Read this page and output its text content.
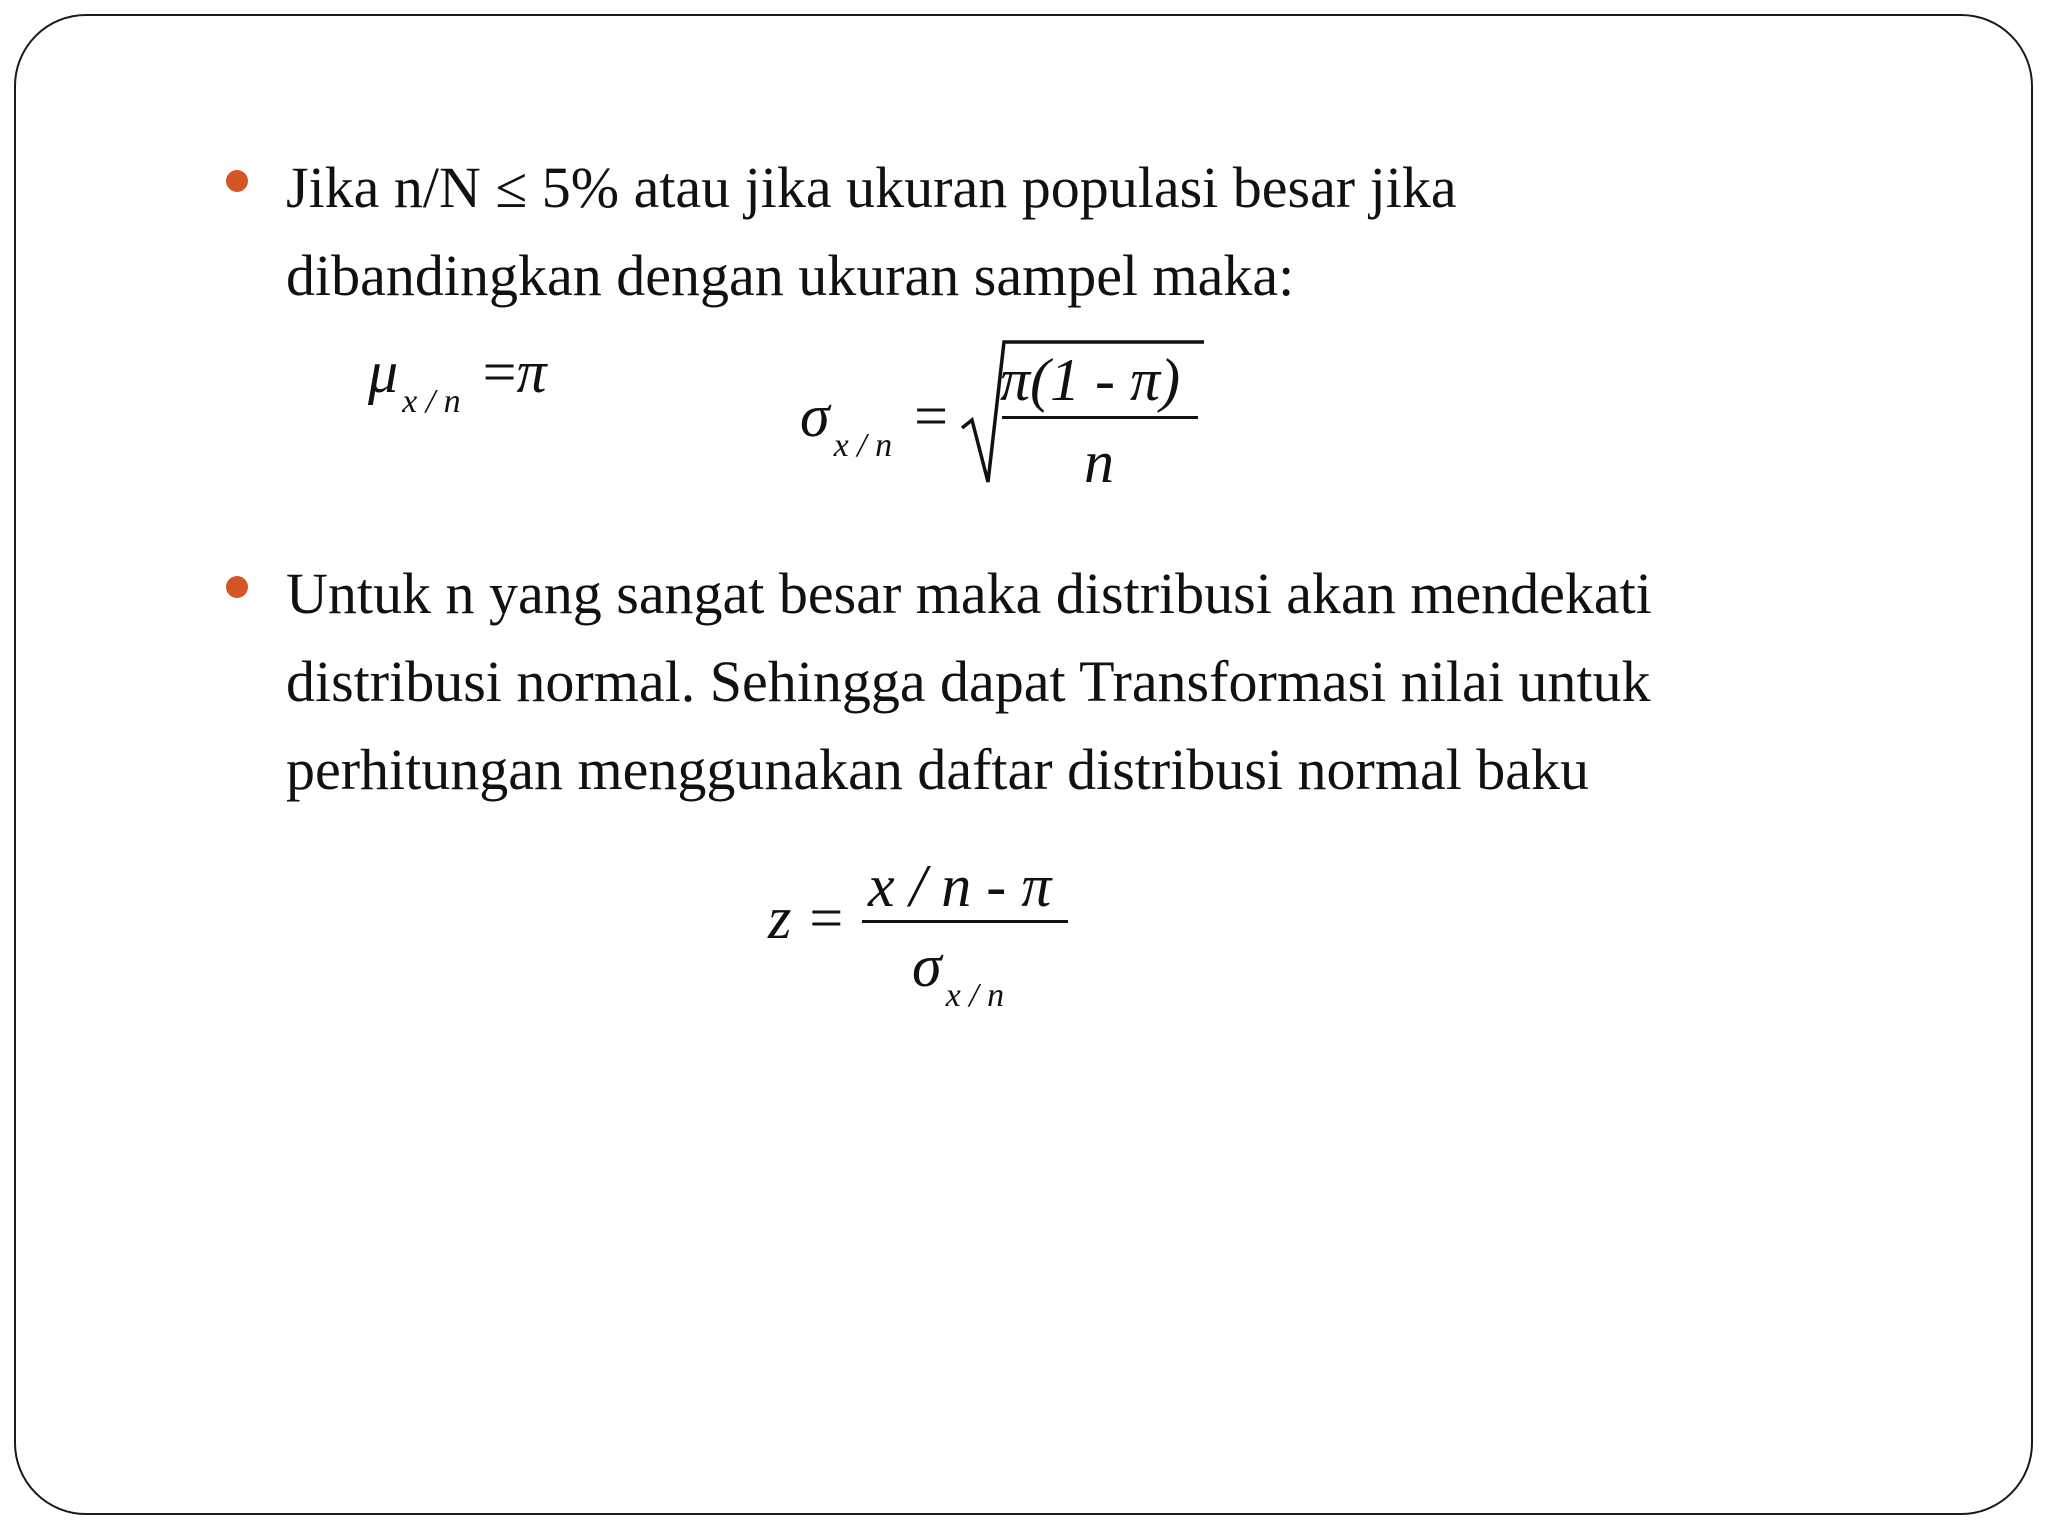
Jika n/N ≤ 5% atau jika ukuran populasi besar jika
dibandingkan dengan ukuran sampel maka:
μx / n =π
σx / n =
π(1 - π)
n
Untuk n yang sangat besar maka distribusi akan mendekati
distribusi normal. Sehingga dapat Transformasi nilai untuk
perhitungan menggunakan daftar distribusi normal baku
z = x / n - π
σx / n
